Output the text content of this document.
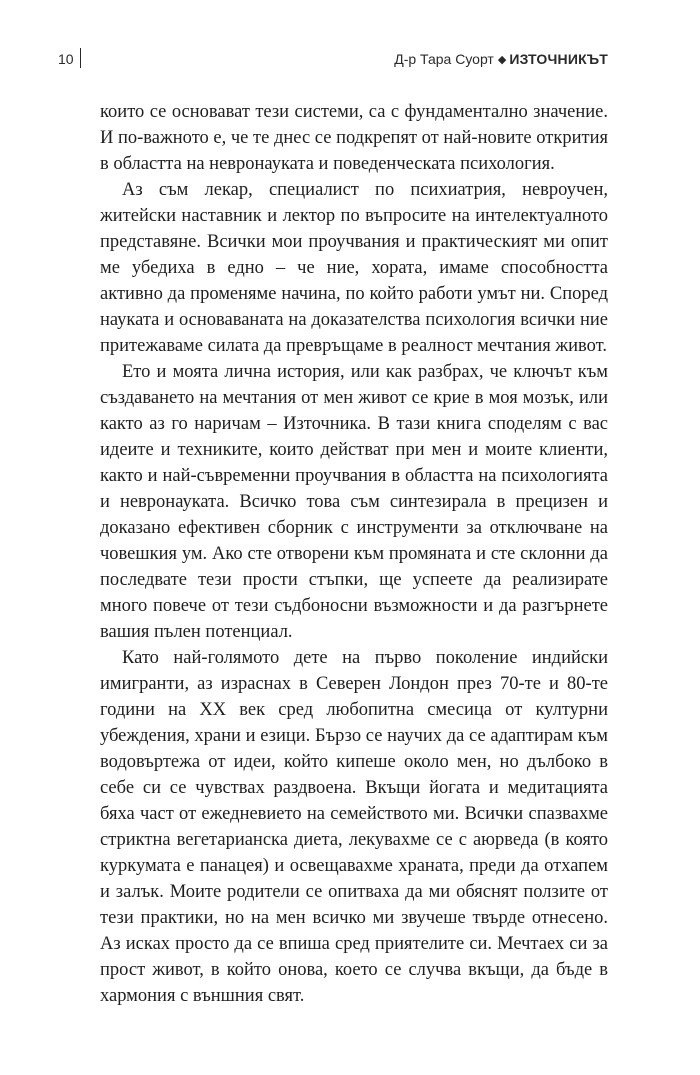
10	Д-р Тара Суорт ◆ ИЗТОЧНИКЪТ

които се основават тези системи, са с фундаментално значение. И по-важното е, че те днес се подкрепят от най-новите открития в областта на невронауката и поведенческата психология.

Аз съм лекар, специалист по психиатрия, невроучен, житейски наставник и лектор по въпросите на интелектуалното представяне. Всички мои проучвания и практическият ми опит ме убедиха в едно – че ние, хората, имаме способността активно да променяме начина, по който работи умът ни. Според науката и основаваната на доказателства психология всички ние притежаваме силата да превръщаме в реалност мечтания живот.

Ето и моята лична история, или как разбрах, че ключът към създаването на мечтания от мен живот се крие в моя мозък, или както аз го наричам – Източника. В тази книга споделям с вас идеите и техниките, които действат при мен и моите клиенти, както и най-съвременни проучвания в областта на психологията и невронауката. Всичко това съм синтезирала в прецизен и доказано ефективен сборник с инструменти за отключване на човешкия ум. Ако сте отворени към промяната и сте склонни да последвате тези прости стъпки, ще успеете да реализирате много повече от тези съдбоносни възможности и да разгърнете вашия пълен потенциал.

Като най-голямото дете на първо поколение индийски имигранти, аз израснах в Северен Лондон през 70-те и 80-те години на XX век сред любопитна смесица от културни убеждения, храни и езици. Бързо се научих да се адаптирам към водовъртежа от идеи, който кипеше около мен, но дълбоко в себе си се чувствах раздвоена. Вкъщи йогата и медитацията бяха част от ежедневието на семейството ми. Всички спазвахме стриктна вегетарианска диета, лекувахме се с аюрведа (в която куркумата е панацея) и освещавахме храната, преди да отхапем и залък. Моите родители се опитваха да ми обяснят ползите от тези практики, но на мен всичко ми звучеше твърде отнесено. Аз исках просто да се впиша сред приятелите си. Мечтаех си за прост живот, в който онова, което се случва вкъщи, да бъде в хармония с външния свят.
